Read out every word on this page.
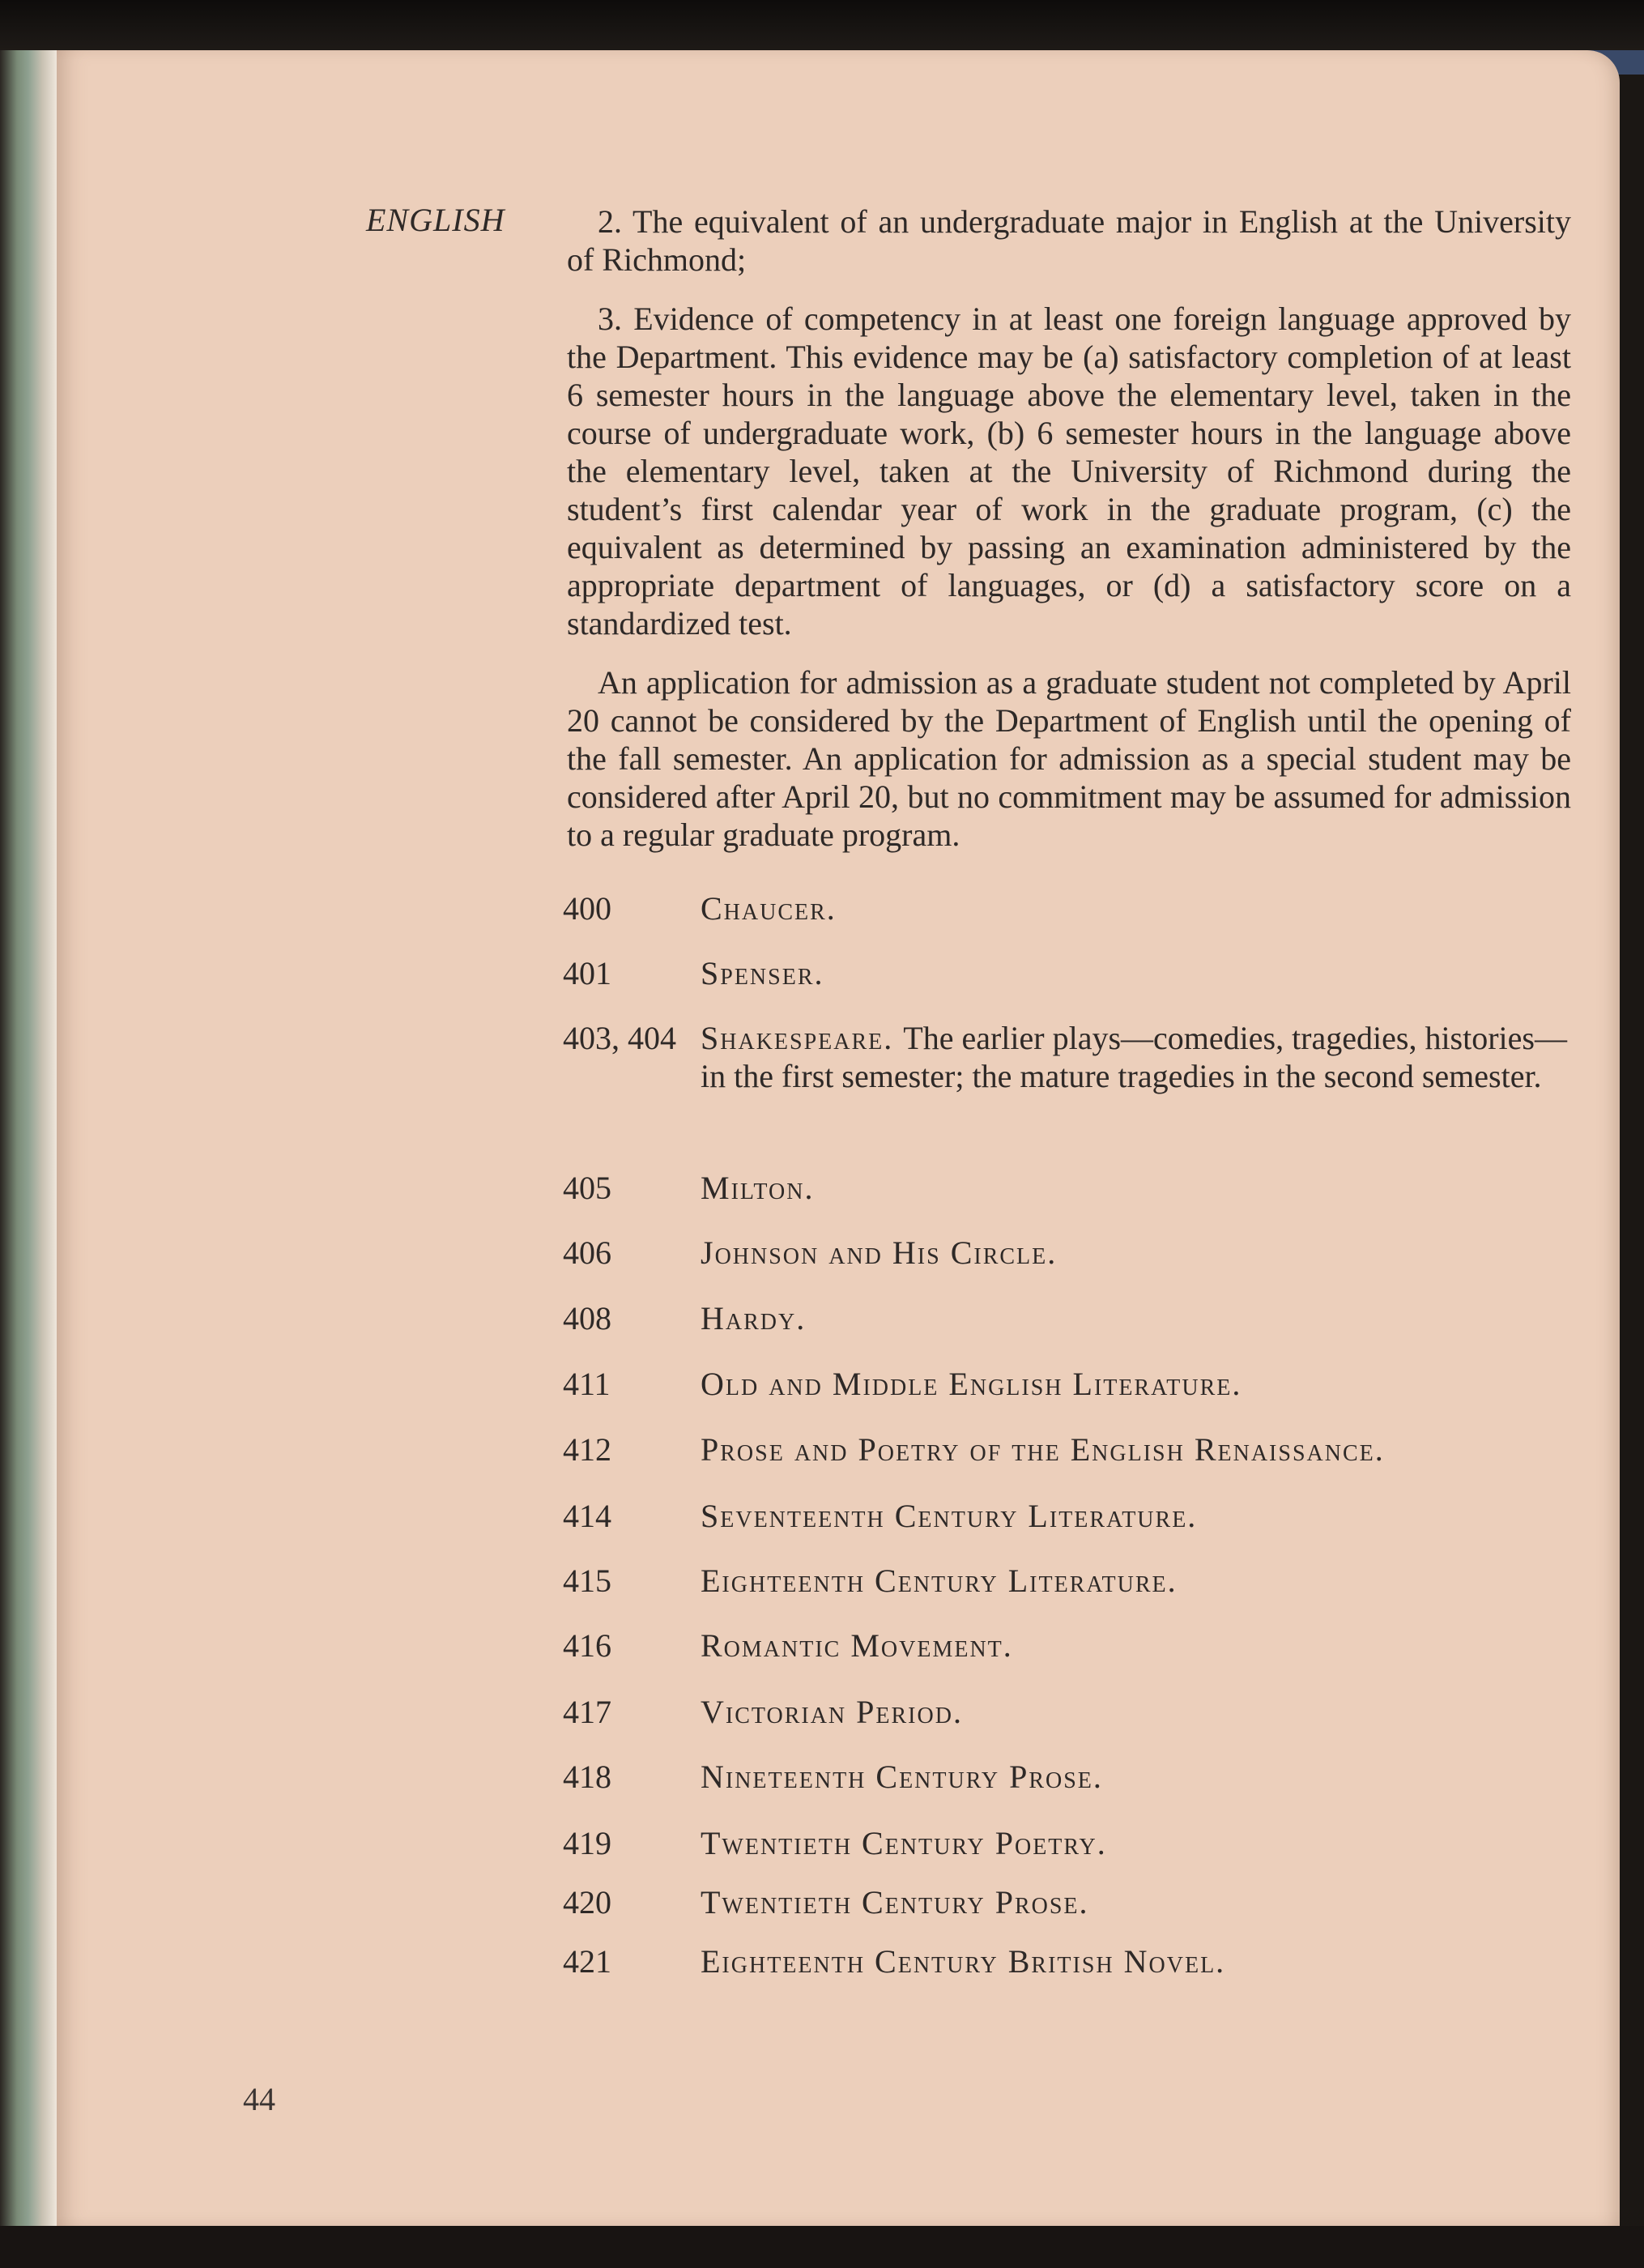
ENGLISH	2. The equivalent of an undergraduate major in English at the University of Richmond;

3. Evidence of competency in at least one foreign language approved by the Department. This evidence may be (a) satisfactory completion of at least 6 semester hours in the language above the elementary level, taken in the course of undergraduate work, (b) 6 semester hours in the language above the elementary level, taken at the University of Richmond during the student’s first calendar year of work in the graduate program, (c) the equivalent as determined by passing an examination administered by the appropriate department of languages, or (d) a satisfactory score on a standardized test.

An application for admission as a graduate student not completed by April 20 cannot be considered by the Department of English until the opening of the fall semester. An application for admission as a special student may be considered after April 20, but no commitment may be assumed for admission to a regular graduate program.

400	Chaucer.
401	Spenser.
403, 404 Shakespeare. The earlier plays—comedies, tragedies, histories—in the first semester; the mature tragedies in the second semester.
405	Milton.
406	Johnson and His Circle.
408	Hardy.
411	Old and Middle English Literature.
412	Prose and Poetry of the English Renaissance.
414	Seventeenth Century Literature.
415	Eighteenth Century Literature.
416	Romantic Movement.
417	Victorian Period.
418	Nineteenth Century Prose.
419	Twentieth Century Poetry.
420	Twentieth Century Prose.
421	Eighteenth Century British Novel.
44
